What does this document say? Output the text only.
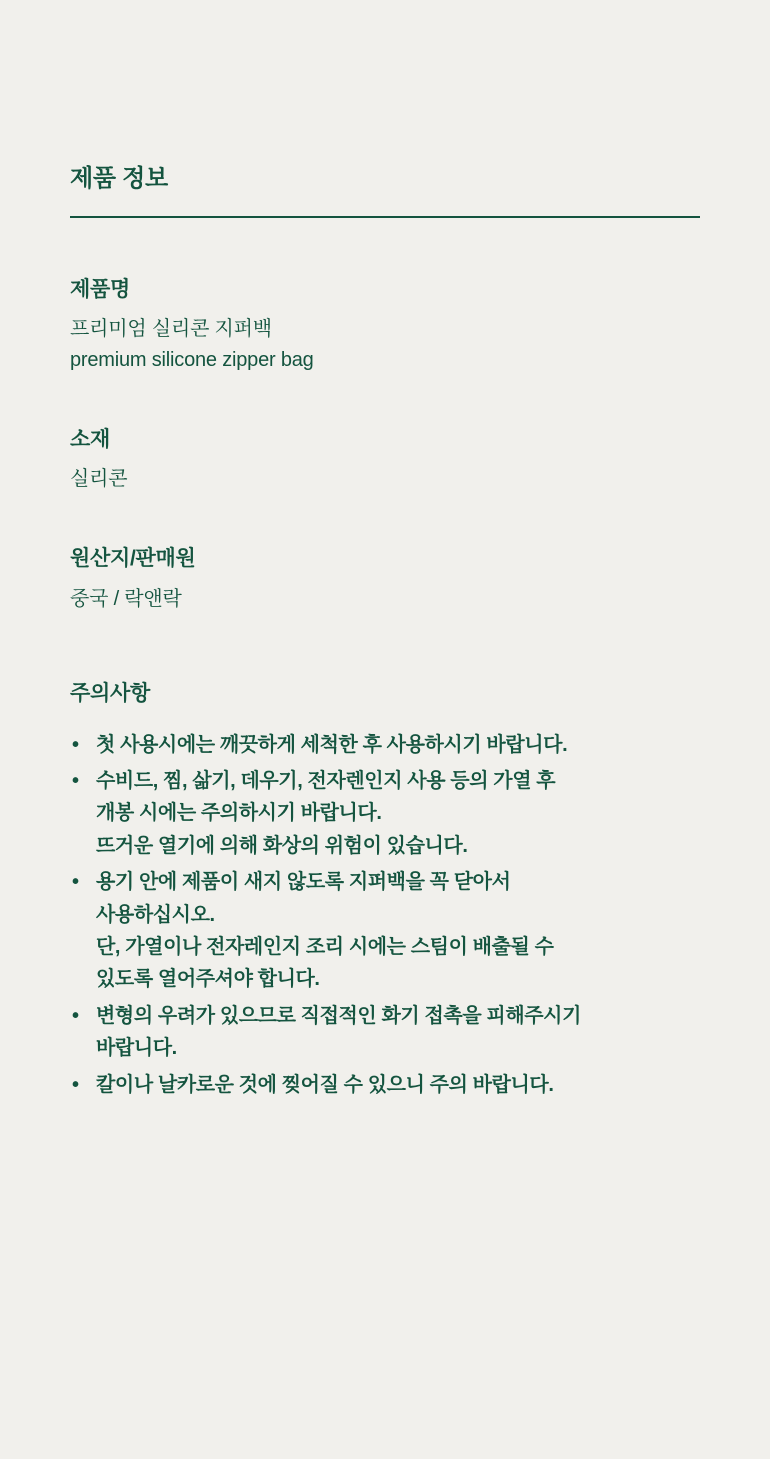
제품 정보
제품명
프리미엄 실리콘 지퍼백
premium silicone zipper bag
소재
실리콘
원산지/판매원
중국 / 락앤락
주의사항
• 첫 사용시에는 깨끗하게 세척한 후 사용하시기 바랍니다.
• 수비드, 찜, 삶기, 데우기, 전자렌인지 사용 등의 가열 후
개봉 시에는 주의하시기 바랍니다.
뜨거운 열기에 의해 화상의 위험이 있습니다.
• 용기 안에 제품이 새지 않도록 지퍼백을 꼭 닫아서
사용하십시오.
단, 가열이나 전자레인지 조리 시에는 스팀이 배출될 수
있도록 열어주셔야 합니다.
• 변형의 우려가 있으므로 직접적인 화기 접촉을 피해주시기
바랍니다.
• 칼이나 날카로운 것에 찢어질 수 있으니 주의 바랍니다.
